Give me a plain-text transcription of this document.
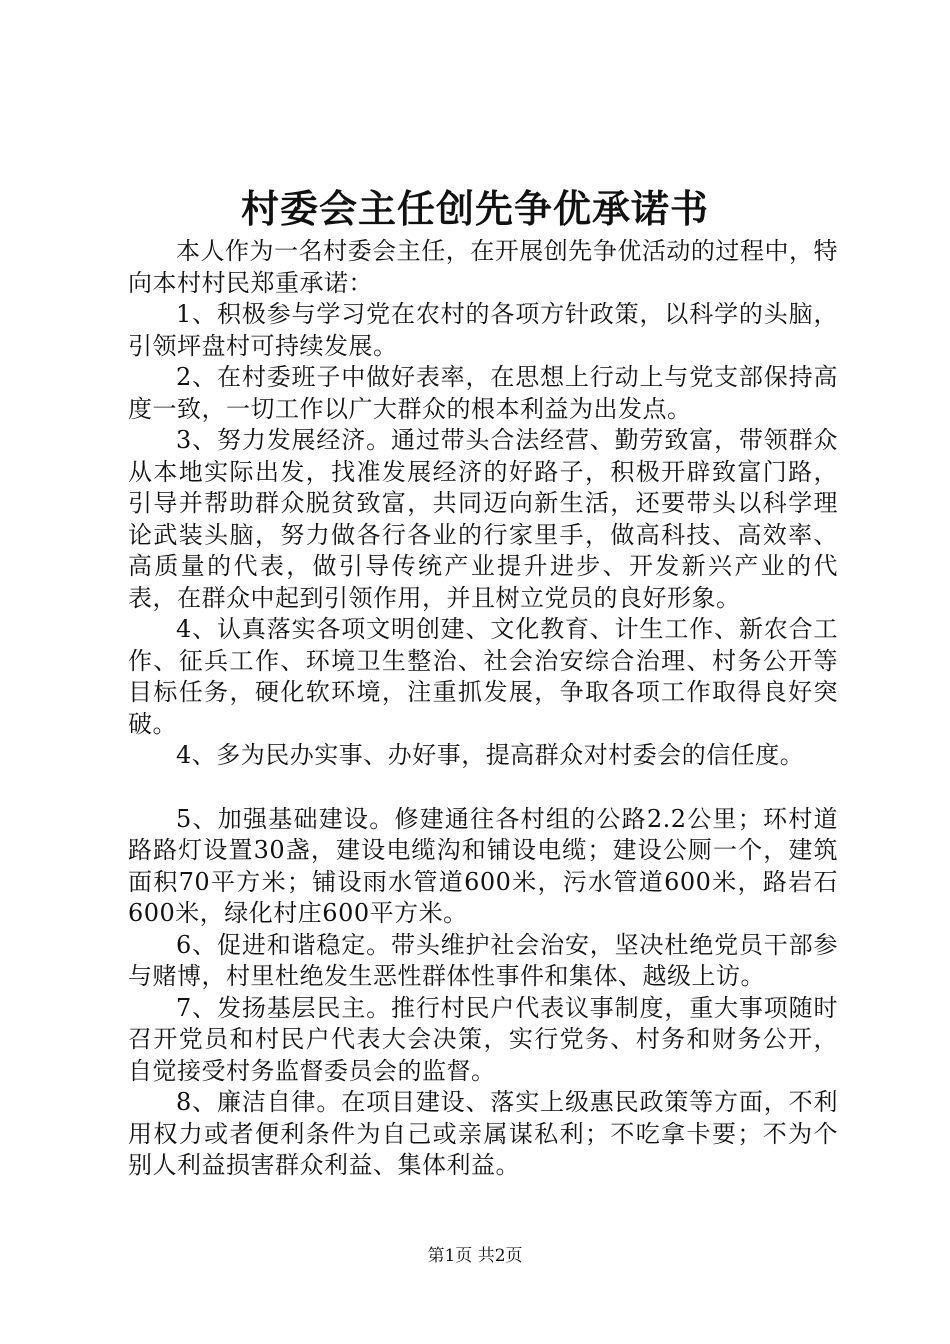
村委会主任创先争优承诺书

本人作为一名村委会主任，在开展创先争优活动的过程中，特向本村村民郑重承诺：

1、积极参与学习党在农村的各项方针政策，以科学的头脑，引领坪盘村可持续发展。

2、在村委班子中做好表率，在思想上行动上与党支部保持高度一致，一切工作以广大群众的根本利益为出发点。

3、努力发展经济。通过带头合法经营、勤劳致富，带领群众从本地实际出发，找准发展经济的好路子，积极开辟致富门路，引导并帮助群众脱贫致富，共同迈向新生活，还要带头以科学理论武装头脑，努力做各行各业的行家里手，做高科技、高效率、高质量的代表，做引导传统产业提升进步、开发新兴产业的代表，在群众中起到引领作用，并且树立党员的良好形象。

4、认真落实各项文明创建、文化教育、计生工作、新农合工作、征兵工作、环境卫生整治、社会治安综合治理、村务公开等目标任务，硬化软环境，注重抓发展，争取各项工作取得良好突破。

4、多为民办实事、办好事，提高群众对村委会的信任度。

5、加强基础建设。修建通往各村组的公路2.2公里；环村道路路灯设置30盏，建设电缆沟和铺设电缆；建设公厕一个，建筑面积70平方米；铺设雨水管道600米，污水管道600米，路岩石600米，绿化村庄600平方米。

6、促进和谐稳定。带头维护社会治安，坚决杜绝党员干部参与赌博，村里杜绝发生恶性群体性事件和集体、越级上访。

7、发扬基层民主。推行村民户代表议事制度，重大事项随时召开党员和村民户代表大会决策，实行党务、村务和财务公开，自觉接受村务监督委员会的监督。

8、廉洁自律。在项目建设、落实上级惠民政策等方面，不利用权力或者便利条件为自己或亲属谋私利；不吃拿卡要；不为个别人利益损害群众利益、集体利益。

第1页 共2页
